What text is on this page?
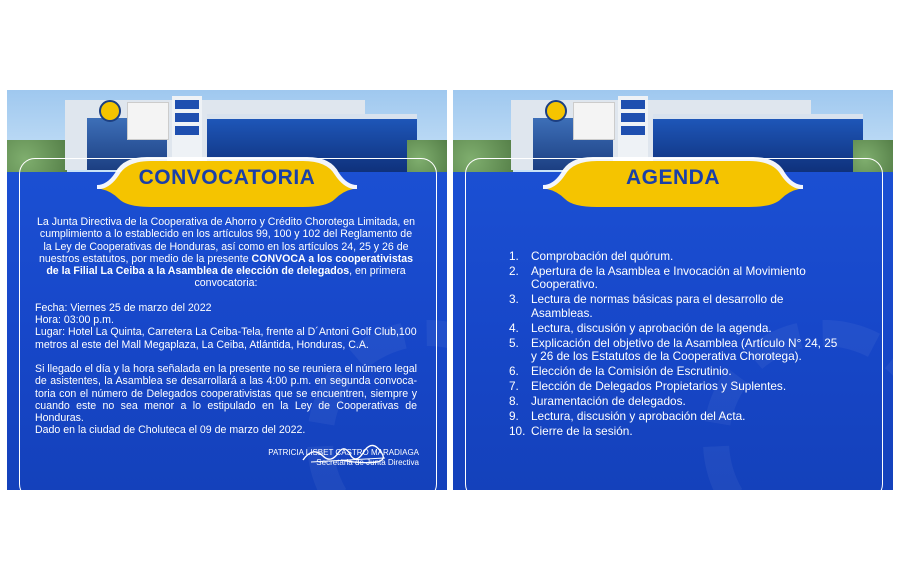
CONVOCATORIA

La Junta Directiva de la Cooperativa de Ahorro y Crédito Chorotega Limitada, en cumplimiento a lo establecido en los artículos 99, 100 y 102 del Reglamento de la Ley de Cooperativas de Honduras, así como en los artículos 24, 25 y 26 de nuestros estatutos, por medio de la presente CONVOCA a los cooperativistas de la Filial La Ceiba a la Asamblea de elección de delegados, en primera convocatoria:

Fecha: Viernes 25 de marzo del 2022

Hora: 03:00 p.m.

Lugar: Hotel La Quinta, Carretera La Ceiba-Tela, frente al D´Antoni Golf Club,100 metros al este del Mall Megaplaza, La Ceiba, Atlántida, Honduras, C.A.

Si llegado el día y la hora señalada en la presente no se reuniera el número legal de asistentes, la Asamblea se desarrollará a las 4:00 p.m. en segunda convoca-toria con el número de Delegados cooperativistas que se encuentren, siempre y cuando este no sea menor a lo estipulado en la Ley de Cooperativas de Honduras.

Dado en la ciudad de Choluteca el 09 de marzo del 2022.

PATRICIA LISBET CASTRO MARADIAGA
Secretaria de Junta Directiva
AGENDA
1.	Comprobación del quórum.
2.	Apertura de la Asamblea e Invocación al Movimiento Cooperativo.
3.	Lectura de normas básicas para el desarrollo de Asambleas.
4.	Lectura, discusión y aprobación de la agenda.
5.	Explicación del objetivo de la Asamblea (Artículo N° 24, 25 y 26 de los Estatutos de la Cooperativa Chorotega).
6.	Elección de la Comisión de Escrutinio.
7.	Elección de Delegados Propietarios y Suplentes.
8.	Juramentación de delegados.
9.	Lectura, discusión y aprobación del Acta.
10. Cierre de la sesión.
